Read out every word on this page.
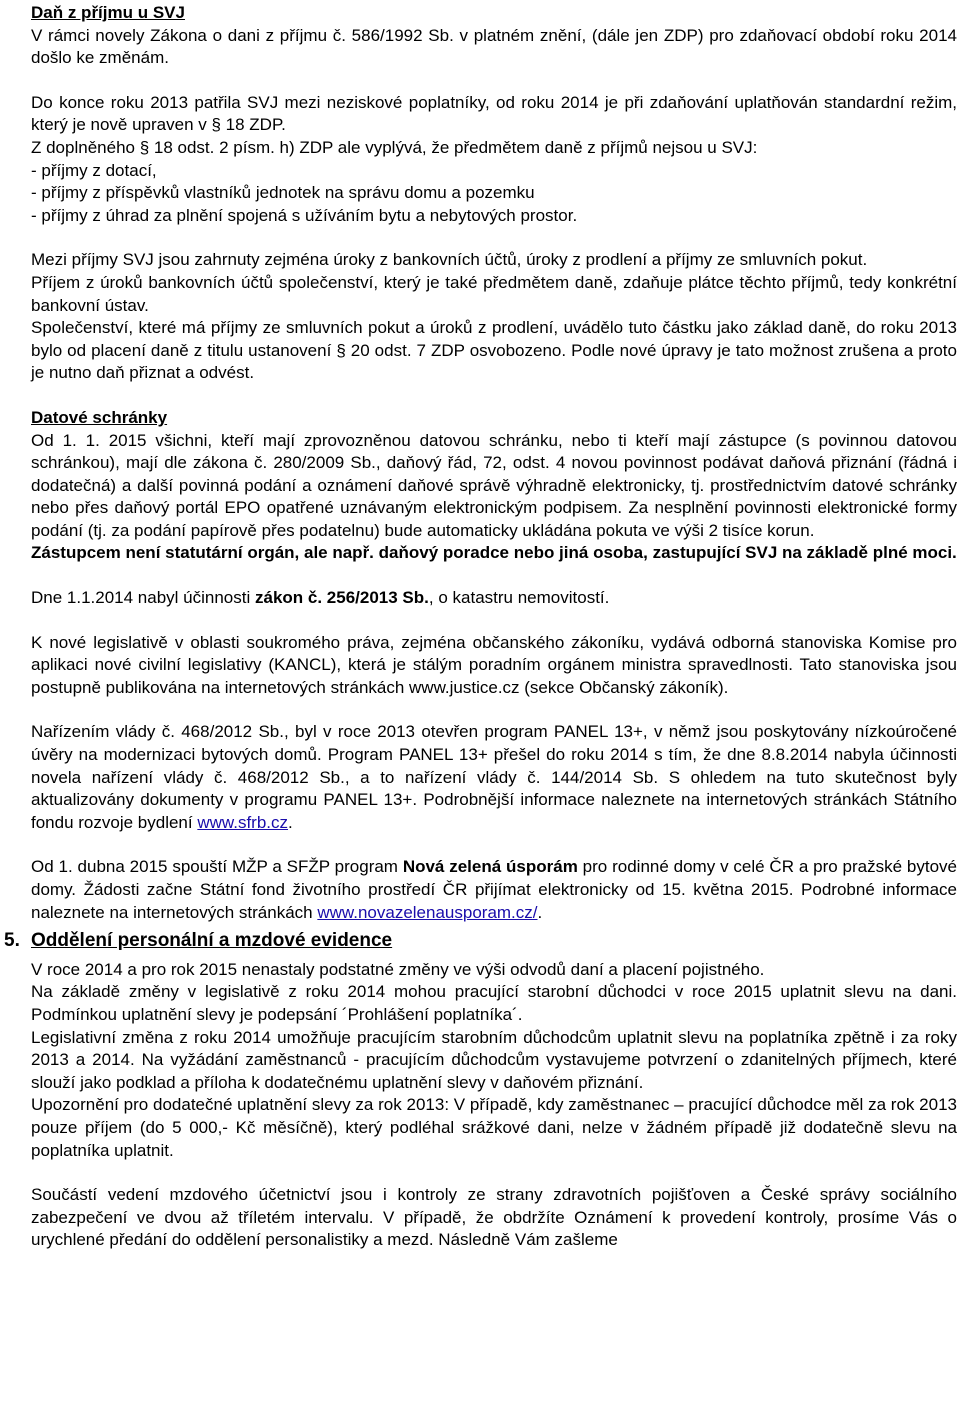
Daň z příjmu u SVJ

V rámci novely Zákona o dani z příjmu č. 586/1992 Sb. v platném znění, (dále jen ZDP) pro zdaňovací období roku 2014 došlo ke změnám.

Do konce roku 2013 patřila SVJ mezi neziskové poplatníky, od roku 2014 je při zdaňování uplatňován standardní režim, který je nově upraven v § 18 ZDP.

Z doplněného § 18 odst. 2 písm. h) ZDP ale vyplývá, že předmětem daně z příjmů nejsou u SVJ:

- příjmy z dotací,

- příjmy z příspěvků vlastníků jednotek na správu domu a pozemku

- příjmy z úhrad za plnění spojená s užíváním bytu a nebytových prostor.

Mezi příjmy SVJ jsou zahrnuty zejména úroky z bankovních účtů, úroky z prodlení a příjmy ze smluvních pokut.

Příjem z úroků bankovních účtů společenství, který je také předmětem daně, zdaňuje plátce těchto příjmů, tedy konkrétní bankovní ústav.

Společenství, které má příjmy ze smluvních pokut a úroků z prodlení, uvádělo tuto částku jako základ daně, do roku 2013 bylo od placení daně z titulu ustanovení § 20 odst. 7 ZDP osvobozeno. Podle nové úpravy je tato možnost zrušena a proto je nutno daň přiznat a odvést.

Datové schránky

Od 1. 1. 2015 všichni, kteří mají zprovozněnou datovou schránku, nebo ti kteří mají zástupce (s povinnou datovou schránkou), mají dle zákona č. 280/2009 Sb., daňový řád, 72, odst. 4 novou povinnost podávat daňová přiznání (řádná i dodatečná) a další povinná podání a oznámení daňové správě výhradně elektronicky, tj. prostřednictvím datové schránky nebo přes daňový portál EPO opatřené uznávaným elektronickým podpisem. Za nesplnění povinnosti elektronické formy podání (tj. za podání papírově přes podatelnu) bude automaticky ukládána pokuta ve výši 2 tisíce korun.

Zástupcem není statutární orgán, ale např. daňový poradce nebo jiná osoba, zastupující SVJ na základě plné moci.

Dne 1.1.2014 nabyl účinnosti zákon č. 256/2013 Sb., o katastru nemovitostí.

K nové legislativě v oblasti soukromého práva, zejména občanského zákoníku, vydává odborná stanoviska Komise pro aplikaci nové civilní legislativy (KANCL), která je stálým poradním orgánem ministra spravedlnosti. Tato stanoviska jsou postupně publikována na internetových stránkách www.justice.cz (sekce Občanský zákoník).

Nařízením vlády č. 468/2012 Sb., byl v roce 2013 otevřen program PANEL 13+, v němž jsou poskytovány nízkoúročené úvěry na modernizaci bytových domů. Program PANEL 13+ přešel do roku 2014 s tím, že dne 8.8.2014 nabyla účinnosti novela nařízení vlády č. 468/2012 Sb., a to nařízení vlády č. 144/2014 Sb. S ohledem na tuto skutečnost byly aktualizovány dokumenty v programu PANEL 13+. Podrobnější informace naleznete na internetových stránkách Státního fondu rozvoje bydlení www.sfrb.cz.

Od 1. dubna 2015 spouští MŽP a SFŽP program Nová zelená úsporám pro rodinné domy v celé ČR a pro pražské bytové domy. Žádosti začne Státní fond životního prostředí ČR přijímat elektronicky od 15. května 2015. Podrobné informace naleznete na internetových stránkách www.novazelenausporam.cz/.

5. Oddělení personální a mzdové evidence

V roce 2014 a pro rok 2015 nenastaly podstatné změny ve výši odvodů daní a placení pojistného.

Na základě změny v legislativě z roku 2014 mohou pracující starobní důchodci v roce 2015 uplatnit slevu na dani. Podmínkou uplatnění slevy je podepsání ´Prohlášení poplatníka´.

Legislativní změna z roku 2014 umožňuje pracujícím starobním důchodcům uplatnit slevu na poplatníka zpětně i za roky 2013 a 2014. Na vyžádání zaměstnanců - pracujícím důchodcům vystavujeme potvrzení o zdanitelných příjmech, které slouží jako podklad a příloha k dodatečnému uplatnění slevy v daňovém přiznání.

Upozornění pro dodatečné uplatnění slevy za rok 2013: V případě, kdy zaměstnanec – pracující důchodce měl za rok 2013 pouze příjem (do 5 000,- Kč měsíčně), který podléhal srážkové dani, nelze v žádném případě již dodatečně slevu na poplatníka uplatnit.

Součástí vedení mzdového účetnictví jsou i kontroly ze strany zdravotních pojišťoven a České správy sociálního zabezpečení ve dvou až tříletém intervalu. V případě, že obdržíte Oznámení k provedení kontroly, prosíme Vás o urychlené předání do oddělení personalistiky a mezd. Následně Vám zašleme
